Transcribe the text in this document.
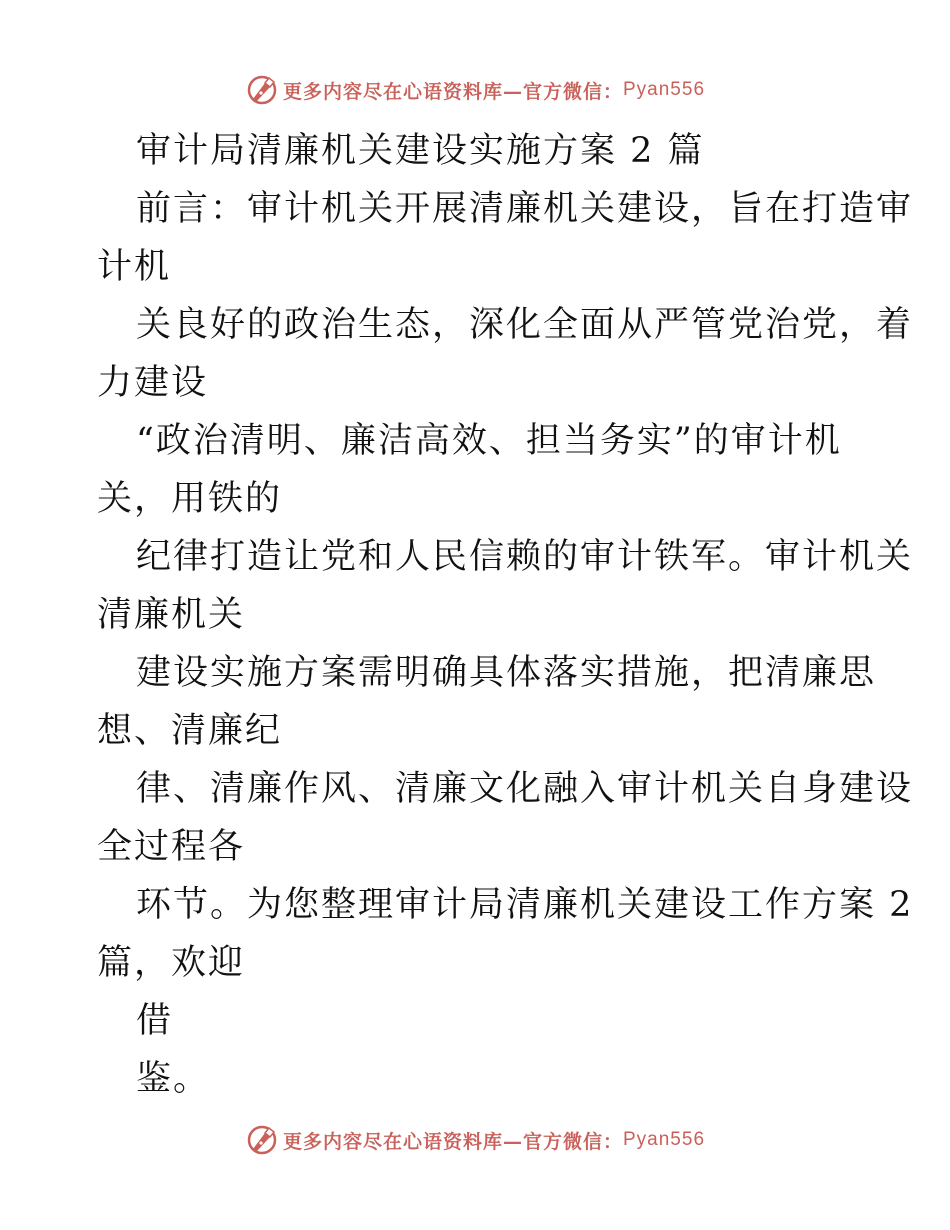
更多内容尽在心语资料库—官方微信： Pyan556
审计局清廉机关建设实施方案 2 篇
前言：审计机关开展清廉机关建设，旨在打造审
计机
关良好的政治生态，深化全面从严管党治党，着
力建设
“政治清明、廉洁高效、担当务实”的审计机
关，用铁的
纪律打造让党和人民信赖的审计铁军。审计机关
清廉机关
建设实施方案需明确具体落实措施，把清廉思
想、清廉纪
律、清廉作风、清廉文化融入审计机关自身建设
全过程各
环节。为您整理审计局清廉机关建设工作方案 2
篇，欢迎
借
鉴。
更多内容尽在心语资料库—官方微信： Pyan556
